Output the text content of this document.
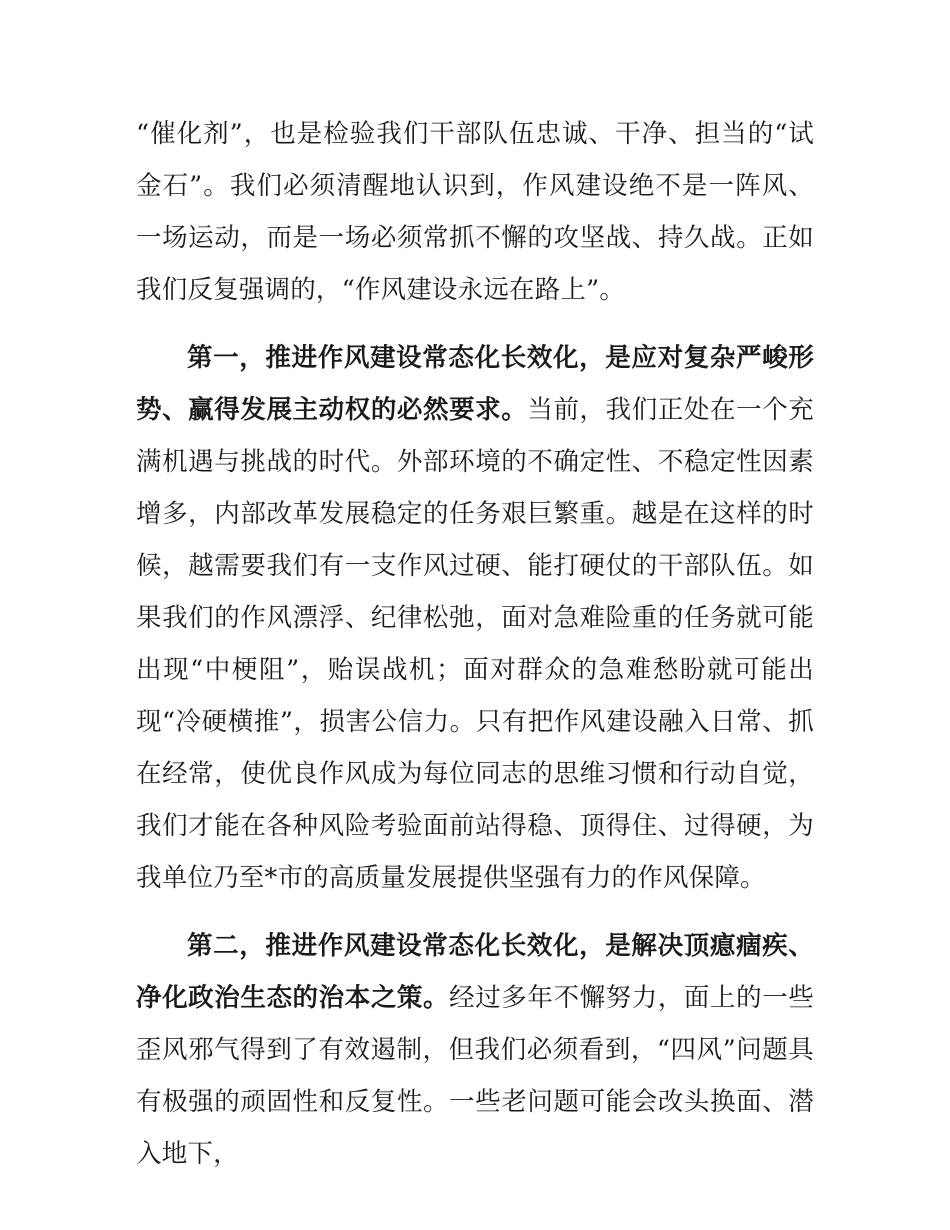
“催化剂”，也是检验我们干部队伍忠诚、干净、担当的“试金石”。我们必须清醒地认识到，作风建设绝不是一阵风、一场运动，而是一场必须常抓不懈的攻坚战、持久战。正如我们反复强调的，“作风建设永远在路上”。

第一，推进作风建设常态化长效化，是应对复杂严峻形势、赢得发展主动权的必然要求。当前，我们正处在一个充满机遇与挑战的时代。外部环境的不确定性、不稳定性因素增多，内部改革发展稳定的任务艰巨繁重。越是在这样的时候，越需要我们有一支作风过硬、能打硬仗的干部队伍。如果我们的作风漂浮、纪律松弛，面对急难险重的任务就可能出现“中梗阻”，贻误战机；面对群众的急难愁盼就可能出现“冷硬横推”，损害公信力。只有把作风建设融入日常、抓在经常，使优良作风成为每位同志的思维习惯和行动自觉，我们才能在各种风险考验面前站得稳、顶得住、过得硬，为我单位乃至*市的高质量发展提供坚强有力的作风保障。

第二，推进作风建设常态化长效化，是解决顶瘜痼疾、净化政治生态的治本之策。经过多年不懈努力，面上的一些歪风邪气得到了有效遏制，但我们必须看到，“四风”问题具有极强的顽固性和反复性。一些老问题可能会改头换面、潜入地下，
